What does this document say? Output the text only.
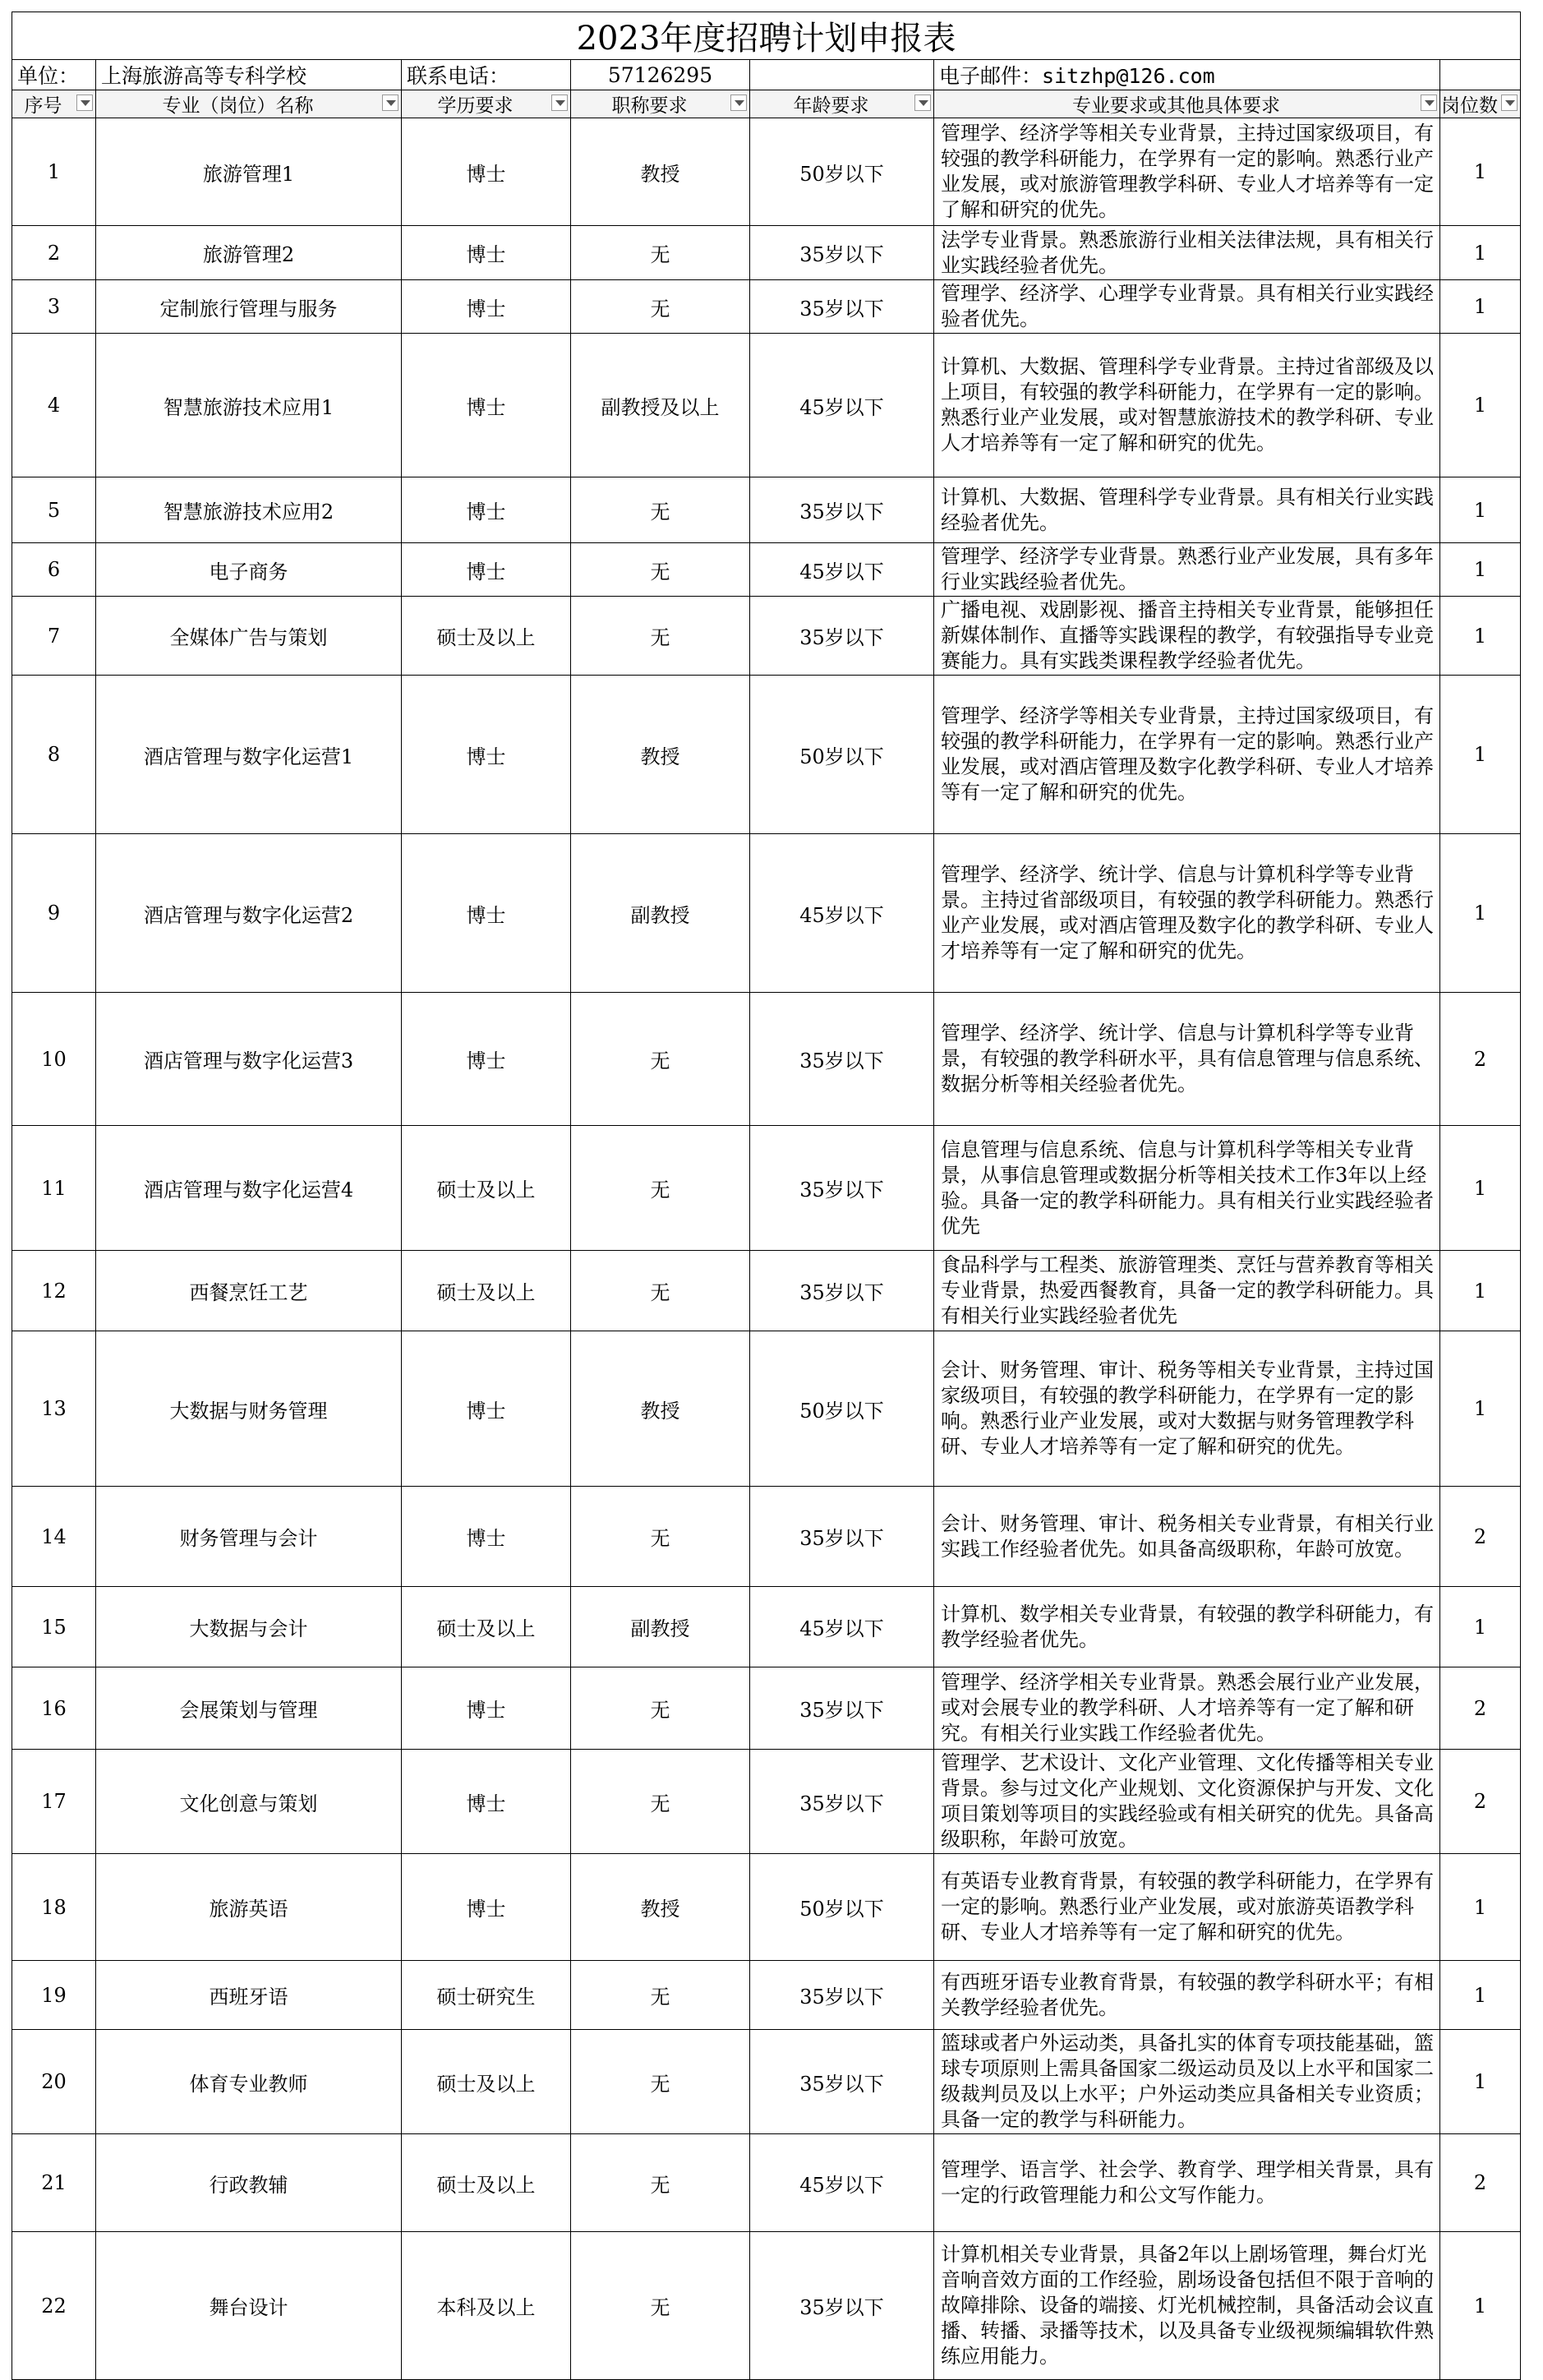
2023年度招聘计划申报表						
单位：	上海旅游高等专科学校	联系电话：	57126295		电子邮件：sitzhp@126.com	

序号	专业（岗位）名称	学历要求	职称要求	年龄要求	专业要求或其他具体要求	岗位数

1	旅游管理1	博士	教授	50岁以下	管理学、经济学等相关专业背景，主持过国家级项目，有较强的教学科研能力，在学界有一定的影响。熟悉行业产业发展，或对旅游管理教学科研、专业人才培养等有一定了解和研究的优先。	1
2	旅游管理2	博士	无	35岁以下	法学专业背景。熟悉旅游行业相关法律法规，具有相关行业实践经验者优先。	1
3	定制旅行管理与服务	博士	无	35岁以下	管理学、经济学、心理学专业背景。具有相关行业实践经验者优先。	1
4	智慧旅游技术应用1	博士	副教授及以上	45岁以下	计算机、大数据、管理科学专业背景。主持过省部级及以上项目，有较强的教学科研能力，在学界有一定的影响。熟悉行业产业发展，或对智慧旅游技术的教学科研、专业人才培养等有一定了解和研究的优先。	1
5	智慧旅游技术应用2	博士	无	35岁以下	计算机、大数据、管理科学专业背景。具有相关行业实践经验者优先。	1
6	电子商务	博士	无	45岁以下	管理学、经济学专业背景。熟悉行业产业发展，具有多年行业实践经验者优先。	1
7	全媒体广告与策划	硕士及以上	无	35岁以下	广播电视、戏剧影视、播音主持相关专业背景，能够担任新媒体制作、直播等实践课程的教学，有较强指导专业竞赛能力。具有实践类课程教学经验者优先。	1
8	酒店管理与数字化运营1	博士	教授	50岁以下	管理学、经济学等相关专业背景，主持过国家级项目，有较强的教学科研能力，在学界有一定的影响。熟悉行业产业发展，或对酒店管理及数字化教学科研、专业人才培养等有一定了解和研究的优先。	1
9	酒店管理与数字化运营2	博士	副教授	45岁以下	管理学、经济学、统计学、信息与计算机科学等专业背景。主持过省部级项目，有较强的教学科研能力。熟悉行业产业发展，或对酒店管理及数字化的教学科研、专业人才培养等有一定了解和研究的优先。	1
10	酒店管理与数字化运营3	博士	无	35岁以下	管理学、经济学、统计学、信息与计算机科学等专业背景，有较强的教学科研水平，具有信息管理与信息系统、数据分析等相关经验者优先。	2
11	酒店管理与数字化运营4	硕士及以上	无	35岁以下	信息管理与信息系统、信息与计算机科学等相关专业背景，从事信息管理或数据分析等相关技术工作3年以上经验。具备一定的教学科研能力。具有相关行业实践经验者优先	1
12	西餐烹饪工艺	硕士及以上	无	35岁以下	食品科学与工程类、旅游管理类、烹饪与营养教育等相关专业背景，热爱西餐教育，具备一定的教学科研能力。具有相关行业实践经验者优先	1
13	大数据与财务管理	博士	教授	50岁以下	会计、财务管理、审计、税务等相关专业背景，主持过国家级项目，有较强的教学科研能力，在学界有一定的影响。熟悉行业产业发展，或对大数据与财务管理教学科研、专业人才培养等有一定了解和研究的优先。	1
14	财务管理与会计	博士	无	35岁以下	会计、财务管理、审计、税务相关专业背景，有相关行业实践工作经验者优先。如具备高级职称，年龄可放宽。	2
15	大数据与会计	硕士及以上	副教授	45岁以下	计算机、数学相关专业背景，有较强的教学科研能力，有教学经验者优先。	1
16	会展策划与管理	博士	无	35岁以下	管理学、经济学相关专业背景。熟悉会展行业产业发展，或对会展专业的教学科研、人才培养等有一定了解和研究。有相关行业实践工作经验者优先。	2
17	文化创意与策划	博士	无	35岁以下	管理学、艺术设计、文化产业管理、文化传播等相关专业背景。参与过文化产业规划、文化资源保护与开发、文化项目策划等项目的实践经验或有相关研究的优先。具备高级职称，年龄可放宽。	2
18	旅游英语	博士	教授	50岁以下	有英语专业教育背景，有较强的教学科研能力，在学界有一定的影响。熟悉行业产业发展，或对旅游英语教学科研、专业人才培养等有一定了解和研究的优先。	1
19	西班牙语	硕士研究生	无	35岁以下	有西班牙语专业教育背景，有较强的教学科研水平；有相关教学经验者优先。	1
20	体育专业教师	硕士及以上	无	35岁以下	篮球或者户外运动类，具备扎实的体育专项技能基础，篮球专项原则上需具备国家二级运动员及以上水平和国家二级裁判员及以上水平；户外运动类应具备相关专业资质；具备一定的教学与科研能力。	1
21	行政教辅	硕士及以上	无	45岁以下	管理学、语言学、社会学、教育学、理学相关背景，具有一定的行政管理能力和公文写作能力。	2
22	舞台设计	本科及以上	无	35岁以下	计算机相关专业背景，具备2年以上剧场管理，舞台灯光音响音效方面的工作经验，剧场设备包括但不限于音响的故障排除、设备的端接、灯光机械控制，具备活动会议直播、转播、录播等技术，以及具备专业级视频编辑软件熟练应用能力。	1
